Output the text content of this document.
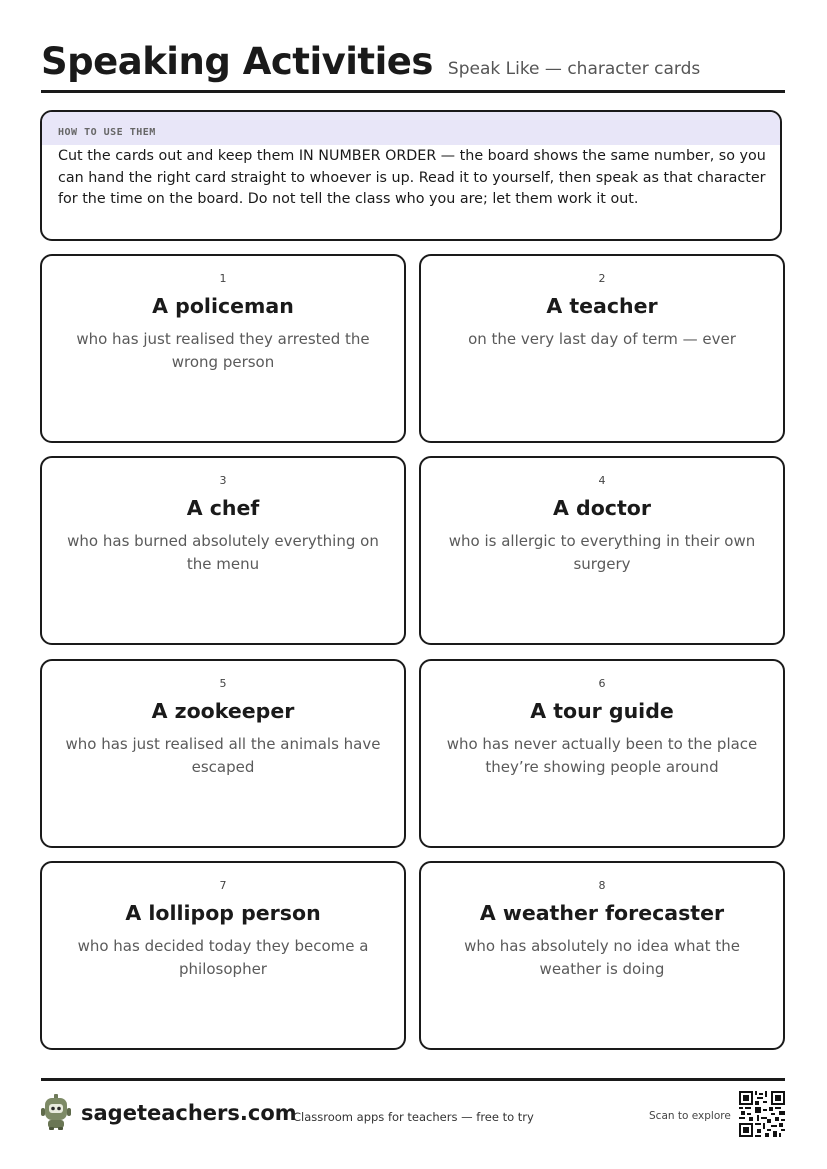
Speaking Activities Speak Like — character cards
HOW TO USE THEM

Cut the cards out and keep them IN NUMBER ORDER — the board shows the same number, so you can hand the right card straight to whoever is up. Read it to yourself, then speak as that character for the time on the board. Do not tell the class who you are; let them work it out.

1
A policeman
who has just realised they arrested the wrong person
2
A teacher
on the very last day of term — ever
3
A chef
who has burned absolutely everything on the menu
4
A doctor
who is allergic to everything in their own surgery
5
A zookeeper
who has just realised all the animals have escaped
6
A tour guide
who has never actually been to the place they’re showing people around
7
A lollipop person
who has decided today they become a philosopher
8
A weather forecaster
who has absolutely no idea what the weather is doing
sageteachers.com
Classroom apps for teachers — free to try	Scan to explore
